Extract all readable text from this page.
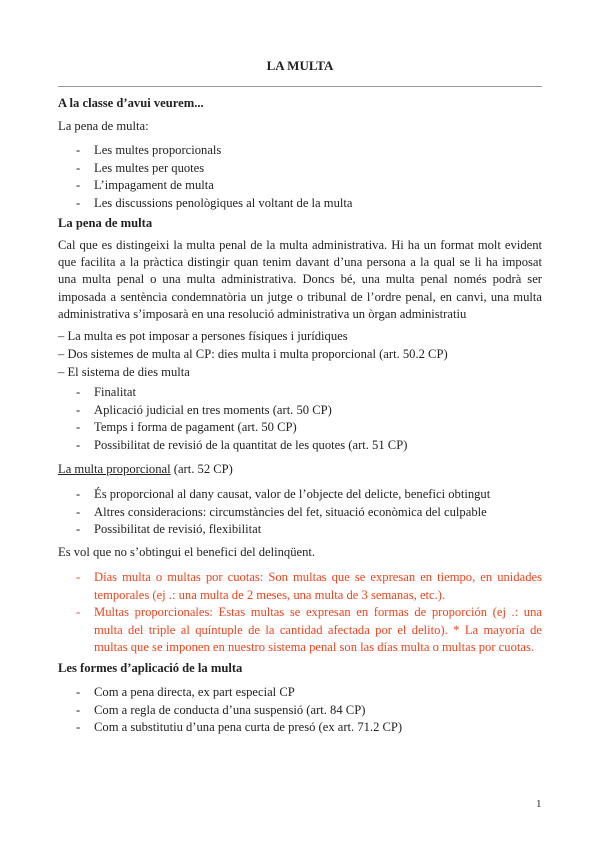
LA MULTA
A la classe d’avui veurem...
La pena de multa:
- Les multes proporcionals
- Les multes per quotes
- L’impagament de multa
- Les discussions penològiques al voltant de la multa
La pena de multa
Cal que es distingeixi la multa penal de la multa administrativa. Hi ha un format molt evident que facilita a la pràctica distingir quan tenim davant d’una persona a la qual se li ha imposat una multa penal o una multa administrativa. Doncs bé, una multa penal només podrà ser imposada a sentència condemnatòria un jutge o tribunal de l’ordre penal, en canvi, una multa administrativa s’imposarà en una resolució administrativa un òrgan administratiu
– La multa es pot imposar a persones físiques i jurídiques
– Dos sistemes de multa al CP: dies multa i multa proporcional (art. 50.2 CP)
– El sistema de dies multa
- Finalitat
- Aplicació judicial en tres moments (art. 50 CP)
- Temps i forma de pagament (art. 50 CP)
- Possibilitat de revisió de la quantitat de les quotes (art. 51 CP)
La multa proporcional (art. 52 CP)
- És proporcional al dany causat, valor de l’objecte del delicte, benefici obtingut
- Altres consideracions: circumstàncies del fet, situació econòmica del culpable
- Possibilitat de revisió, flexibilitat
Es vol que no s’obtingui el benefici del delinqüent.
- Días multa o multas por cuotas: Son multas que se expresan en tiempo, en unidades temporales (ej .: una multa de 2 meses, una multa de 3 semanas, etc.).
- Multas proporcionales: Estas multas se expresan en formas de proporción (ej .: una multa del triple al quíntuple de la cantidad afectada por el delito). * La mayoría de multas que se imponen en nuestro sistema penal son las días multa o multas por cuotas.
Les formes d’aplicació de la multa
- Com a pena directa, ex part especial CP
- Com a regla de conducta d’una suspensió (art. 84 CP)
- Com a substitutiu d’una pena curta de presó (ex art. 71.2 CP)
1
